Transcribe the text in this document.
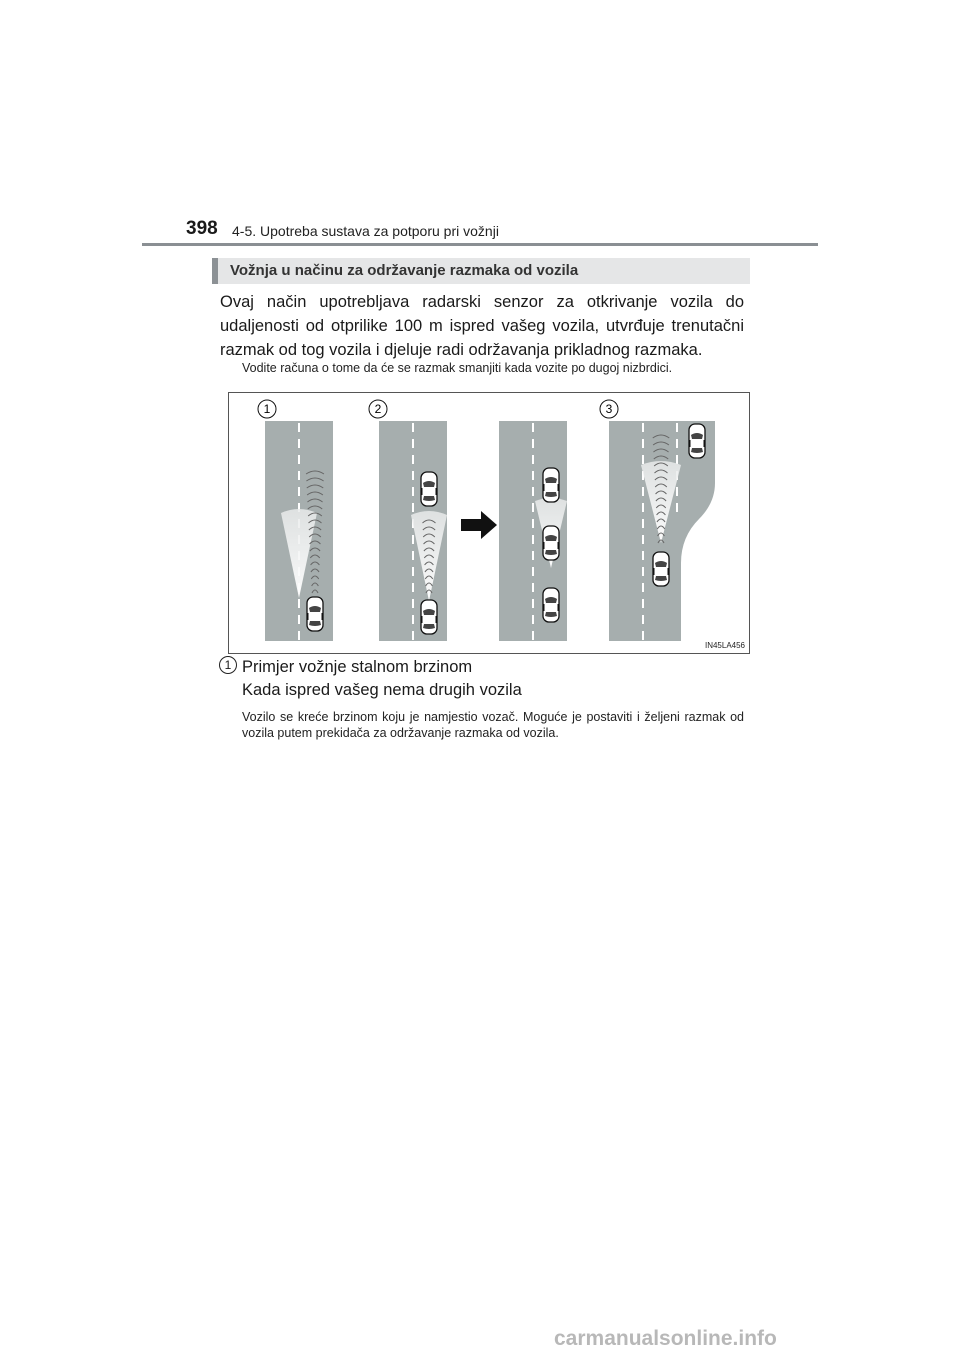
398 4-5. Upotreba sustava za potporu pri vožnji
Vožnja u načinu za održavanje razmaka od vozila
Ovaj način upotrebljava radarski senzor za otkrivanje vozila do udaljenosti od otprilike 100 m ispred vašeg vozila, utvrđuje trenutačni razmak od tog vozila i djeluje radi održavanja prikladnog razmaka.
Vodite računa o tome da će se razmak smanjiti kada vozite po dugoj nizbrdici.
1	2	3
IN45LA456
1 Primjer vožnje stalnom brzinom
Kada ispred vašeg nema drugih vozila
Vozilo se kreće brzinom koju je namjestio vozač. Moguće je postaviti i željeni razmak od vozila putem prekidača za održavanje razmaka od vozila.
carmanualsonline.info
